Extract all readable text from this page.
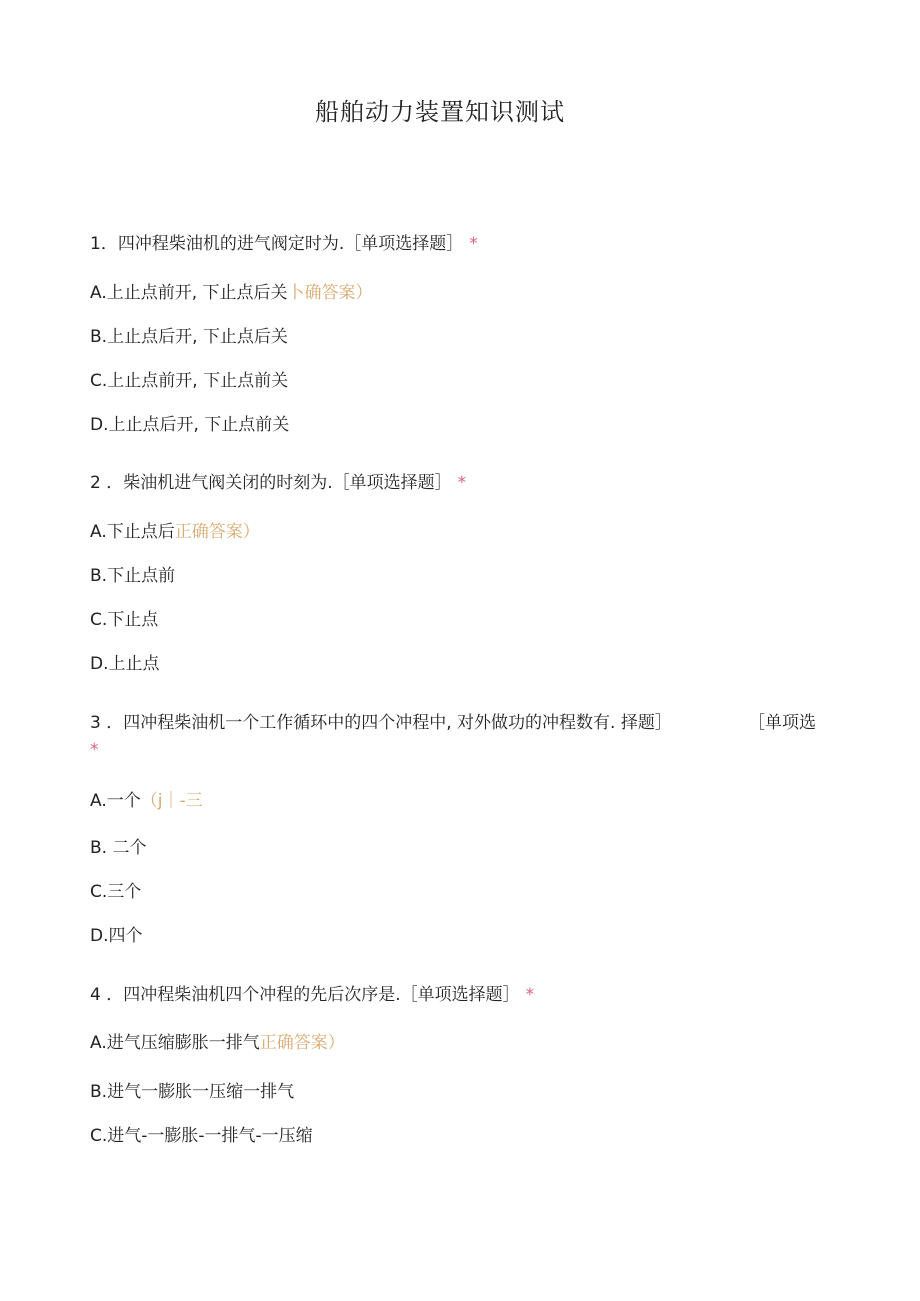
船舶动力装置知识测试
1．四冲程柴油机的进气阀定时为.［单项选择题］ *
A.上止点前开, 下止点后关卜确答案）
B.上止点后开, 下止点后关
C.上止点前开, 下止点前关
D.上止点后开, 下止点前关
2 ．柴油机进气阀关闭的时刻为.［单项选择题］ *
A.下止点后正确答案）
B.下止点前
C.下止点
D.上止点
3 ．四冲程柴油机一个工作循环中的四个冲程中, 对外做功的冲程数有. 择题］	［单项选
*
A.一个（j｜-三
B. 二个
C.三个
D.四个
4 ．四冲程柴油机四个冲程的先后次序是.［单项选择题］ *
A.进气压缩膨胀一排气正确答案）
B.进气一膨胀一压缩一排气
C.进气-一膨胀-一排气-一压缩
